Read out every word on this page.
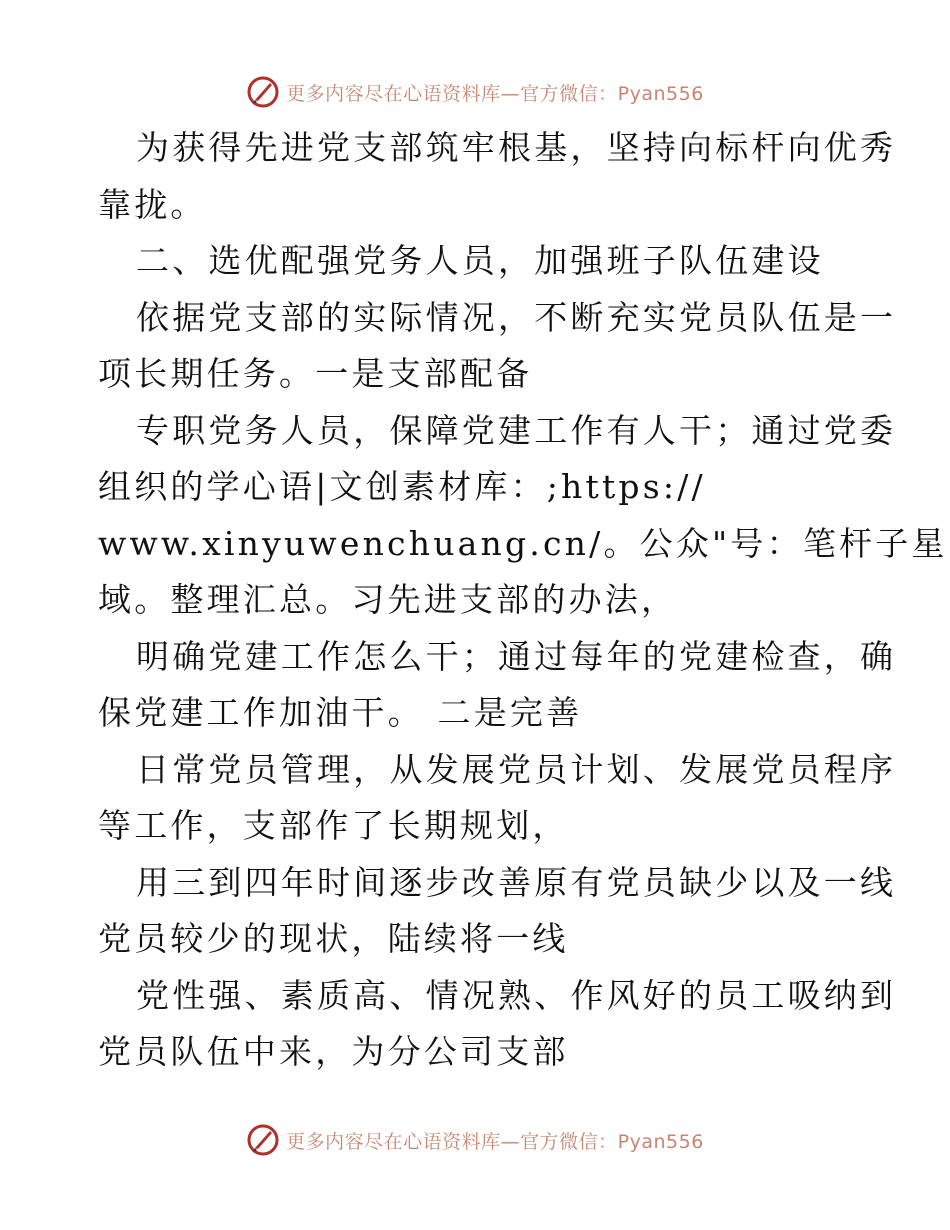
更多内容尽在心语资料库—官方微信：Pyan556
为获得先进党支部筑牢根基，坚持向标杆向优秀
靠拢。
二、选优配强党务人员，加强班子队伍建设
依据党支部的实际情况，不断充实党员队伍是一
项长期任务。一是支部配备
专职党务人员，保障党建工作有人干；通过党委
组织的学心语|文创素材库：;https://
www.xinyuwenchuang.cn/。公众"号：笔杆子星
域。整理汇总。习先进支部的办法，
明确党建工作怎么干；通过每年的党建检查，确
保党建工作加油干。 二是完善
日常党员管理，从发展党员计划、发展党员程序
等工作，支部作了长期规划，
用三到四年时间逐步改善原有党员缺少以及一线
党员较少的现状，陆续将一线
党性强、素质高、情况熟、作风好的员工吸纳到
党员队伍中来，为分公司支部
更多内容尽在心语资料库—官方微信：Pyan556
